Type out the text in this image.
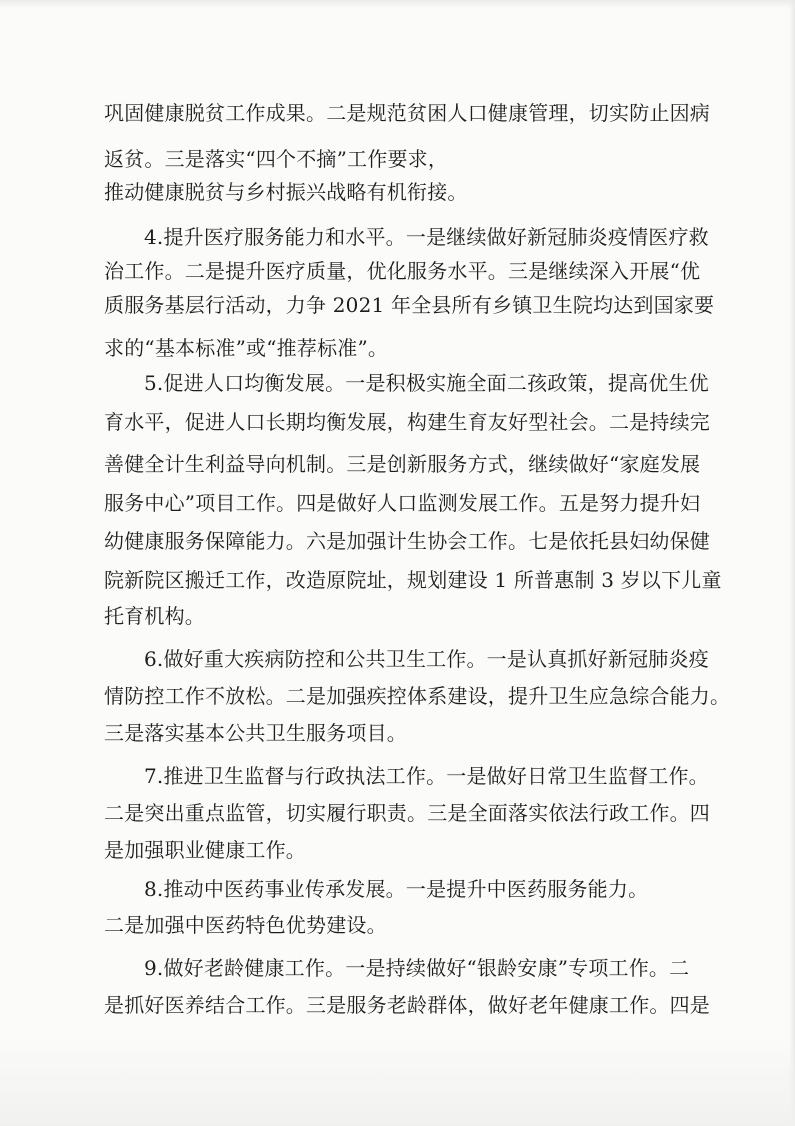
巩固健康脱贫工作成果。二是规范贫困人口健康管理，切实防止因病
返贫。三是落实“四个不摘”工作要求，
推动健康脱贫与乡村振兴战略有机衔接。
4.提升医疗服务能力和水平。一是继续做好新冠肺炎疫情医疗救
治工作。二是提升医疗质量，优化服务水平。三是继续深入开展“优
质服务基层行活动，力争 2021 年全县所有乡镇卫生院均达到国家要
求的“基本标准”或“推荐标准”。
5.促进人口均衡发展。一是积极实施全面二孩政策，提高优生优
育水平，促进人口长期均衡发展，构建生育友好型社会。二是持续完
善健全计生利益导向机制。三是创新服务方式，继续做好“家庭发展
服务中心”项目工作。四是做好人口监测发展工作。五是努力提升妇
幼健康服务保障能力。六是加强计生协会工作。七是依托县妇幼保健
院新院区搬迁工作，改造原院址，规划建设 1 所普惠制 3 岁以下儿童
托育机构。
6.做好重大疾病防控和公共卫生工作。一是认真抓好新冠肺炎疫
情防控工作不放松。二是加强疾控体系建设，提升卫生应急综合能力。
三是落实基本公共卫生服务项目。
7.推进卫生监督与行政执法工作。一是做好日常卫生监督工作。
二是突出重点监管，切实履行职责。三是全面落实依法行政工作。四
是加强职业健康工作。
8.推动中医药事业传承发展。一是提升中医药服务能力。
二是加强中医药特色优势建设。
9.做好老龄健康工作。一是持续做好“银龄安康”专项工作。二
是抓好医养结合工作。三是服务老龄群体，做好老年健康工作。四是
